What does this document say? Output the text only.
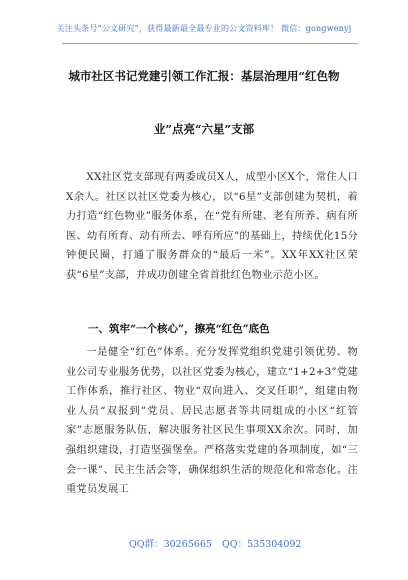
关注头条号“公文研究”，获得最新最全最专业的公文资料库！ 微信：gongwenyj
城市社区书记党建引领工作汇报：基层治理用“红色物
业”点亮“六星”支部

XX社区党支部现有两委成员X人，成型小区X个，常住人口X余人。社区以社区党委为核心，以“6星”支部创建为契机，着力打造“红色物业”服务体系，在“党有所建、老有所养、病有所医、幼有所育、动有所去、呼有所应”的基础上，持续优化15分钟便民圈，打通了服务群众的“最后一米”。XX年XX社区荣获“6星”支部，并成功创建全省首批红色物业示范小区。

一、筑牢“一个核心”，擦亮“红色”底色

一是健全“红色”体系。充分发挥党组织党建引领优势、物业公司专业服务优势，以社区党委为核心，建立“1+2+3”党建工作体系，推行社区、物业“双向进入、交叉任职”，组建由物业人员“双报到”党员、居民志愿者等共同组成的小区“红管家”志愿服务队伍，解决服务社区民生事项XX余次。同时，加强组织建设，打造坚强堡垒。严格落实党建的各项制度，如“三会一课”、民主生活会等，确保组织生活的规范化和常态化。注重党员发展工

QQ群：30265665 QQ：535304092
